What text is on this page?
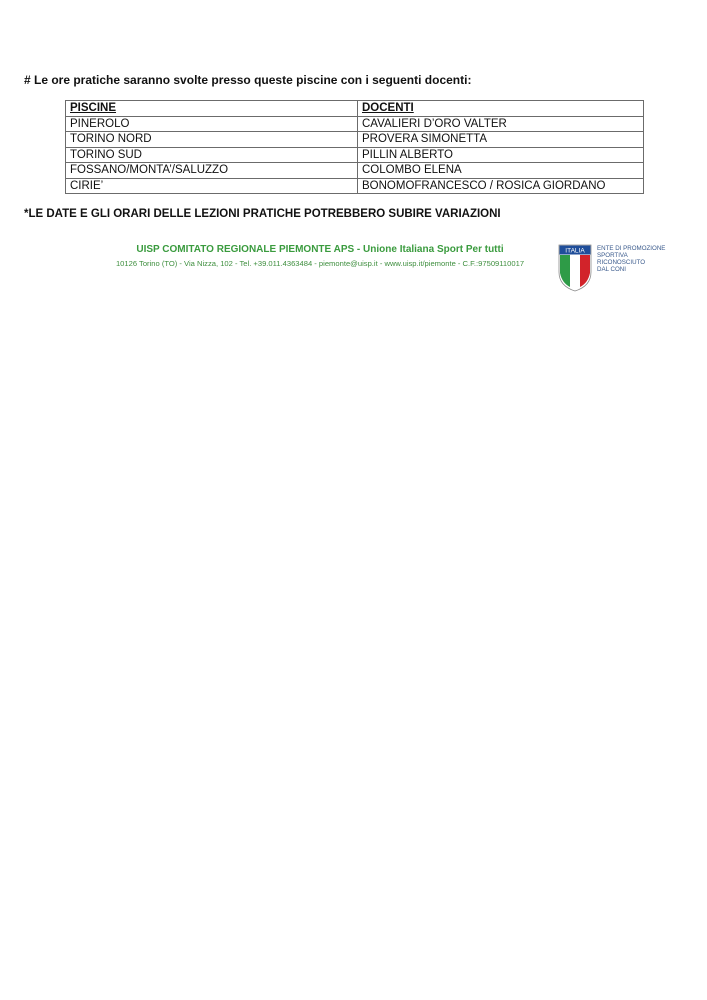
# Le ore pratiche saranno svolte presso queste piscine con i seguenti docenti:
PISCINE	DOCENTI
PINEROLO	CAVALIERI D’ORO VALTER
TORINO NORD	PROVERA SIMONETTA
TORINO SUD	PILLIN ALBERTO
FOSSANO/MONTA’/SALUZZO	COLOMBO ELENA
CIRIE’	BONOMOFRANCESCO / ROSICA GIORDANO
*LE DATE E GLI ORARI DELLE LEZIONI PRATICHE POTREBBERO SUBIRE VARIAZIONI
UISP COMITATO REGIONALE PIEMONTE APS - Unione Italiana Sport Per tutti
10126 Torino (TO) - Via Nizza, 102 - Tel. +39.011.4363484 - piemonte@uisp.it - www.uisp.it/piemonte - C.F.:97509110017
ITALIA ENTE DI PROMOZIONE
SPORTIVA
RICONOSCIUTO
DAL CONI
